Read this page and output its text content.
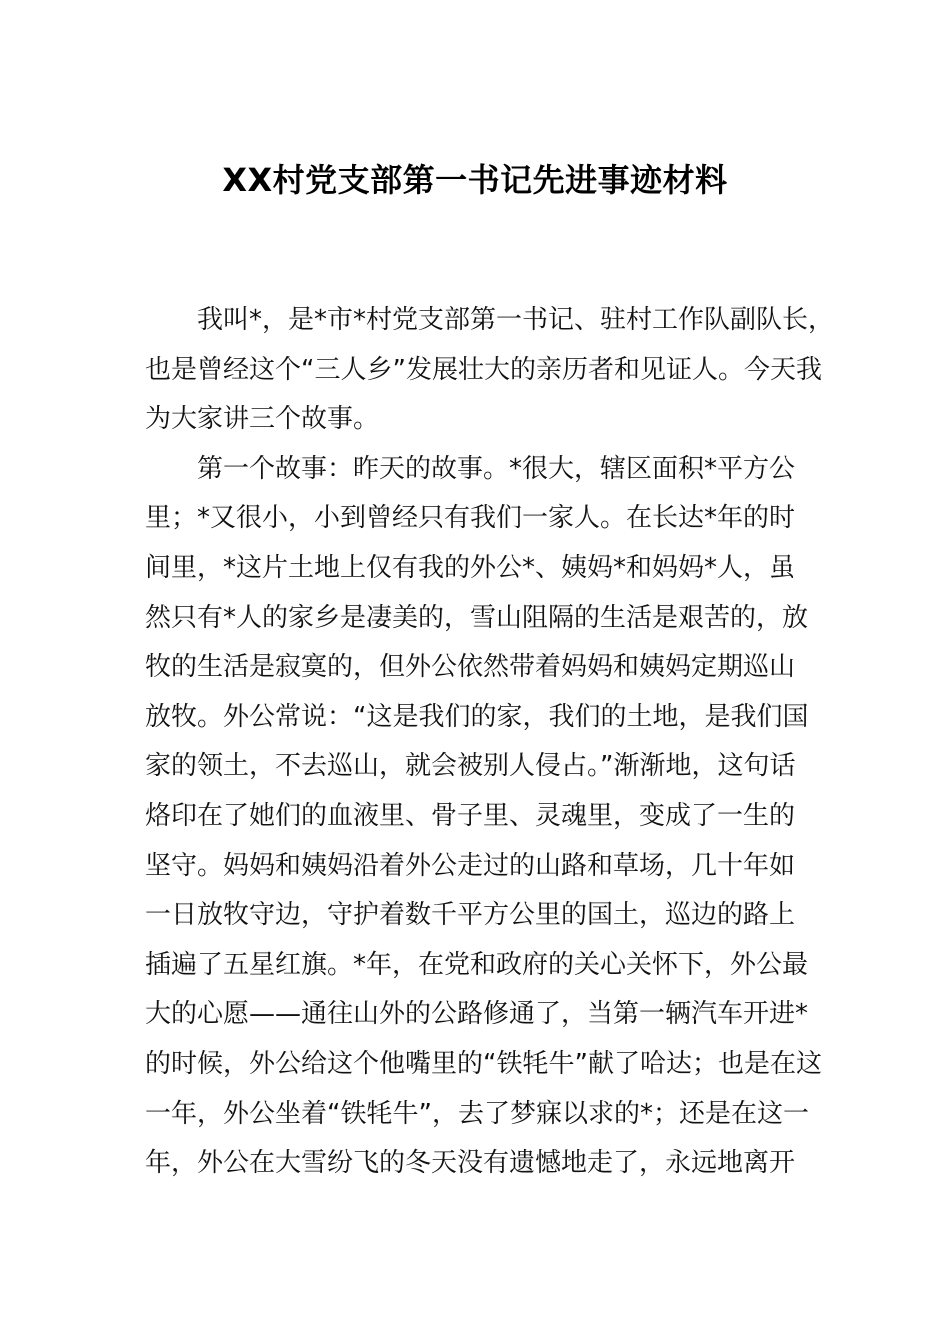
XX村党支部第一书记先进事迹材料

我叫*，是*市*村党支部第一书记、驻村工作队副队长，
也是曾经这个“三人乡”发展壮大的亲历者和见证人。今天我
为大家讲三个故事。

第一个故事：昨天的故事。*很大，辖区面积*平方公
里；*又很小，小到曾经只有我们一家人。在长达*年的时
间里，*这片土地上仅有我的外公*、姨妈*和妈妈*人，虽
然只有*人的家乡是凄美的，雪山阻隔的生活是艰苦的，放
牧的生活是寂寞的，但外公依然带着妈妈和姨妈定期巡山
放牧。外公常说：“这是我们的家，我们的土地，是我们国
家的领土，不去巡山，就会被别人侵占。”渐渐地，这句话
烙印在了她们的血液里、骨子里、灵魂里，变成了一生的
坚守。妈妈和姨妈沿着外公走过的山路和草场，几十年如
一日放牧守边，守护着数千平方公里的国土，巡边的路上
插遍了五星红旗。*年，在党和政府的关心关怀下，外公最
大的心愿——通往山外的公路修通了，当第一辆汽车开进*
的时候，外公给这个他嘴里的“铁牦牛”献了哈达；也是在这
一年，外公坐着“铁牦牛”，去了梦寐以求的*；还是在这一
年，外公在大雪纷飞的冬天没有遗憾地走了，永远地离开
